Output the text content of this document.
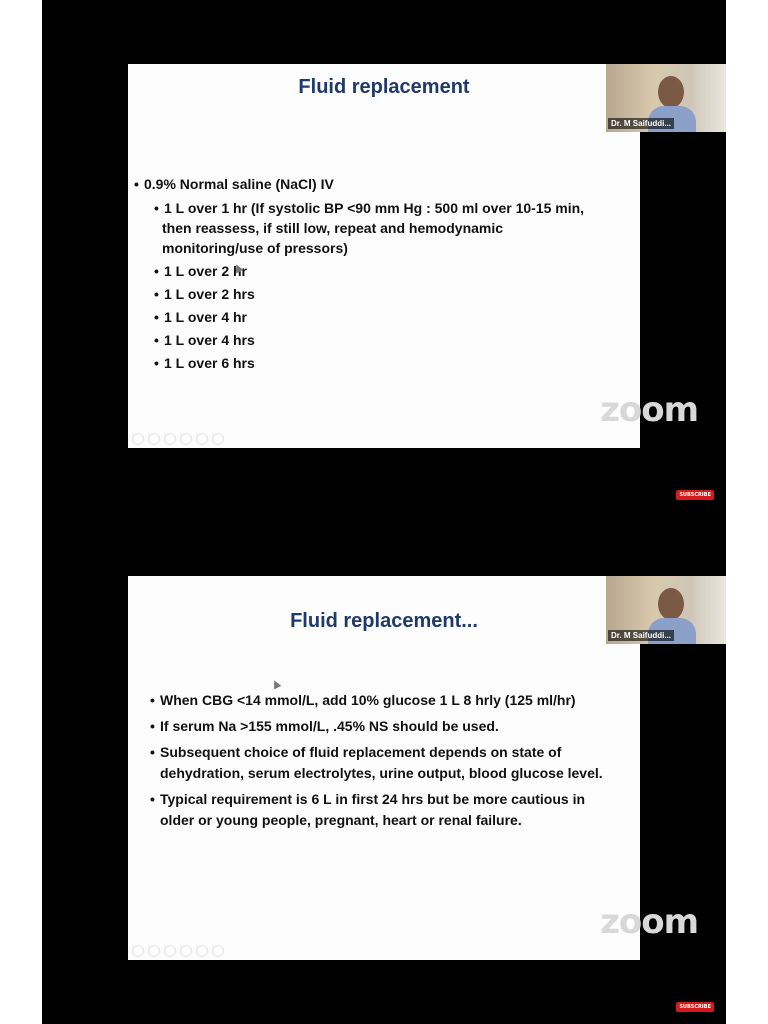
Fluid replacement
• 0.9% Normal saline (NaCl) IV
• 1 L over 1 hr (If systolic BP <90 mm Hg : 500 ml over 10-15 min,
then reassess, if still low, repeat and hemodynamic
monitoring/use of pressors)
• 1 L over 2 hr
• 1 L over 2 hrs
• 1 L over 4 hr
• 1 L over 4 hrs
• 1 L over 6 hrs
zoom
Dr. M Saifuddi...
SUBSCRIBE
Fluid replacement...
• When CBG <14 mmol/L, add 10% glucose 1 L 8 hrly (125 ml/hr)
• If serum Na >155 mmol/L, .45% NS should be used.
• Subsequent choice of fluid replacement depends on state of
dehydration, serum electrolytes, urine output, blood glucose level.
• Typical requirement is 6 L in first 24 hrs but be more cautious in
older or young people, pregnant, heart or renal failure.
zoom
Dr. M Saifuddi...
SUBSCRIBE
